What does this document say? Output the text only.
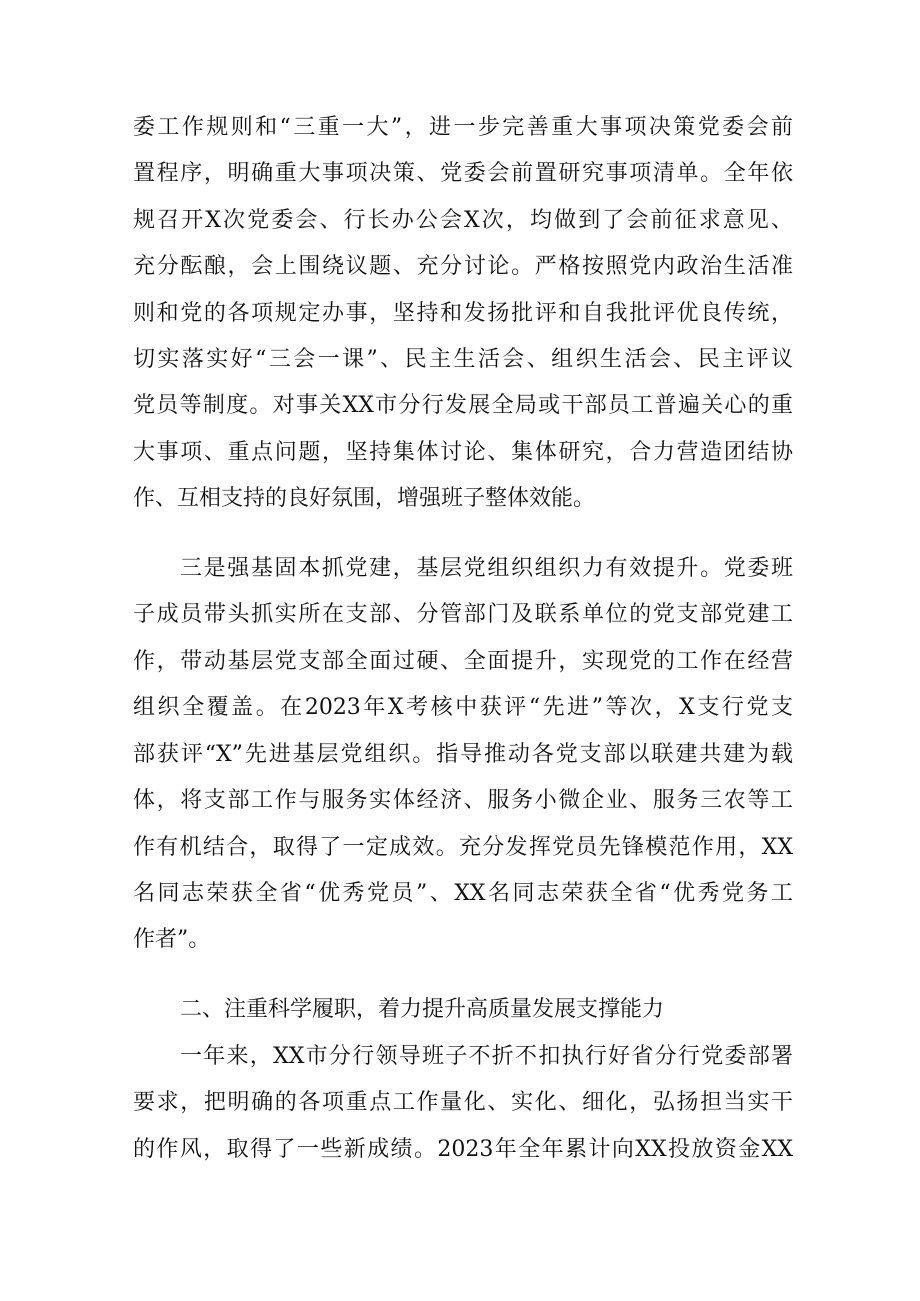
委工作规则和“三重一大”，进一步完善重大事项决策党委会前
置程序，明确重大事项决策、党委会前置研究事项清单。全年依
规召开X次党委会、行长办公会X次，均做到了会前征求意见、
充分酝酿，会上围绕议题、充分讨论。严格按照党内政治生活准
则和党的各项规定办事，坚持和发扬批评和自我批评优良传统，
切实落实好“三会一课”、民主生活会、组织生活会、民主评议
党员等制度。对事关XX市分行发展全局或干部员工普遍关心的重
大事项、重点问题，坚持集体讨论、集体研究，合力营造团结协
作、互相支持的良好氛围，增强班子整体效能。
三是强基固本抓党建，基层党组织组织力有效提升。党委班
子成员带头抓实所在支部、分管部门及联系单位的党支部党建工
作，带动基层党支部全面过硬、全面提升，实现党的工作在经营
组织全覆盖。在2023年X考核中获评“先进”等次，X支行党支
部获评“X”先进基层党组织。指导推动各党支部以联建共建为载
体，将支部工作与服务实体经济、服务小微企业、服务三农等工
作有机结合，取得了一定成效。充分发挥党员先锋模范作用，XX
名同志荣获全省“优秀党员”、XX名同志荣获全省“优秀党务工
作者”。
二、注重科学履职，着力提升高质量发展支撑能力
一年来，XX市分行领导班子不折不扣执行好省分行党委部署
要求，把明确的各项重点工作量化、实化、细化，弘扬担当实干
的作风，取得了一些新成绩。2023年全年累计向XX投放资金XX
